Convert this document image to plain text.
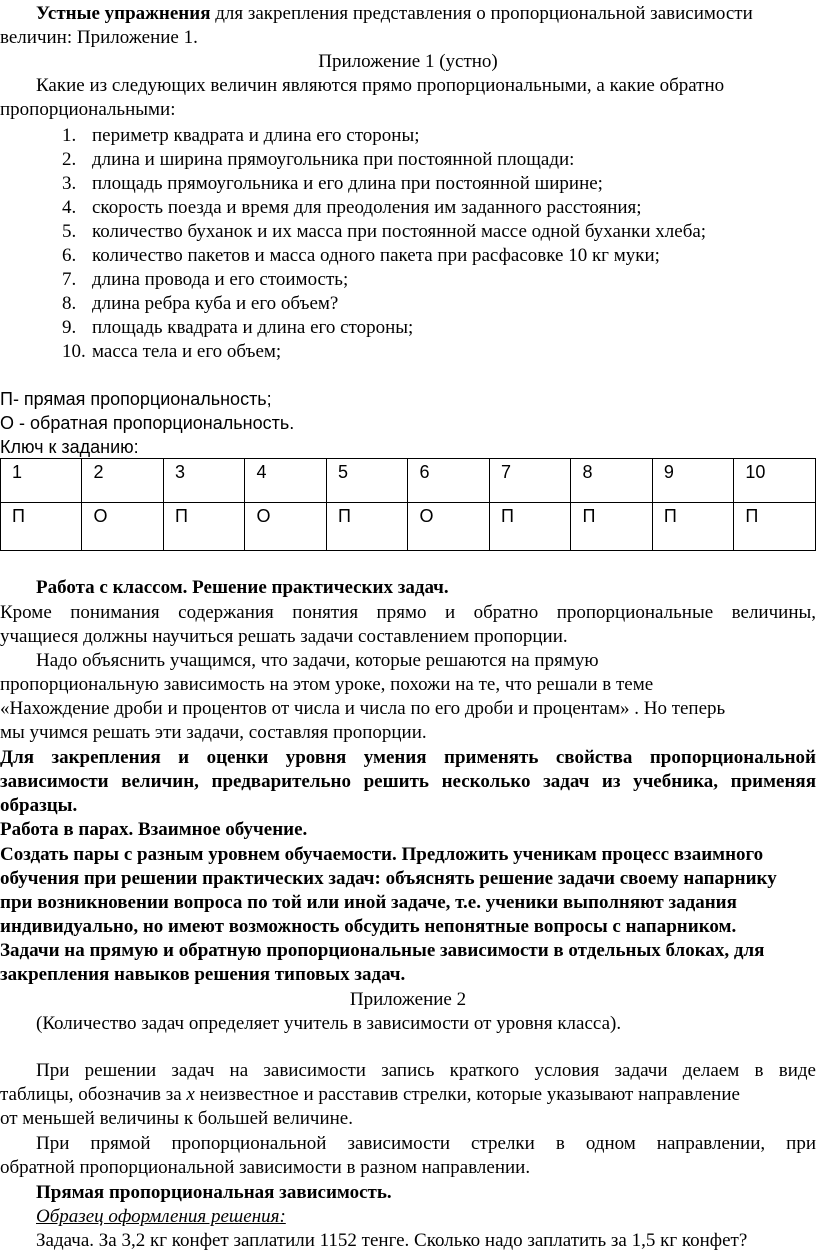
Устные упражнения для закрепления представления о пропорциональной зависимости
величин: Приложение 1.
Приложение 1 (устно)
Какие из следующих величин являются прямо пропорциональными, а какие обратно
пропорциональными:
1. периметр квадрата и длина его стороны;
2. длина и ширина прямоугольника при постоянной площади:
3. площадь прямоугольника и его длина при постоянной ширине;
4. скорость поезда и время для преодоления им заданного расстояния;
5. количество буханок и их масса при постоянной массе одной буханки хлеба;
6. количество пакетов и масса одного пакета при расфасовке 10 кг муки;
7. длина провода и его стоимость;
8. длина ребра куба и его объем?
9. площадь квадрата и длина его стороны;
10. масса тела и его объем;
П- прямая пропорциональность;
О - обратная пропорциональность.
Ключ к заданию:
1	2	3	4	5	6	7	8	9	10
П	О	П	О	П	О	П	П	П	П
Работа с классом. Решение практических задач.
Кроме понимания содержания понятия прямо и обратно пропорциональные величины,
учащиеся должны научиться решать задачи составлением пропорции.
Надо объяснить учащимся, что задачи, которые решаются на прямую
пропорциональную зависимость на этом уроке, похожи на те, что решали в теме
«Нахождение дроби и процентов от числа и числа по его дроби и процентам» . Но теперь
мы учимся решать эти задачи, составляя пропорции.
Для закрепления и оценки уровня умения применять свойства пропорциональной
зависимости величин, предварительно решить несколько задач из учебника, применяя
образцы.
Работа в парах. Взаимное обучение.
Создать пары с разным уровнем обучаемости. Предложить ученикам процесс взаимного
обучения при решении практических задач: объяснять решение задачи своему напарнику
при возникновении вопроса по той или иной задаче, т.е. ученики выполняют задания
индивидуально, но имеют возможность обсудить непонятные вопросы с напарником.
Задачи на прямую и обратную пропорциональные зависимости в отдельных блоках, для
закрепления навыков решения типовых задач.
Приложение 2
(Количество задач определяет учитель в зависимости от уровня класса).
При решении задач на зависимости запись краткого условия задачи делаем в виде
таблицы, обозначив за x неизвестное и расставив стрелки, которые указывают направление
от меньшей величины к большей величине.
При прямой пропорциональной зависимости стрелки в одном направлении, при
обратной пропорциональной зависимости в разном направлении.
Прямая пропорциональная зависимость.
Образец оформления решения:
Задача. За 3,2 кг конфет заплатили 1152 тенге. Сколько надо заплатить за 1,5 кг конфет?
